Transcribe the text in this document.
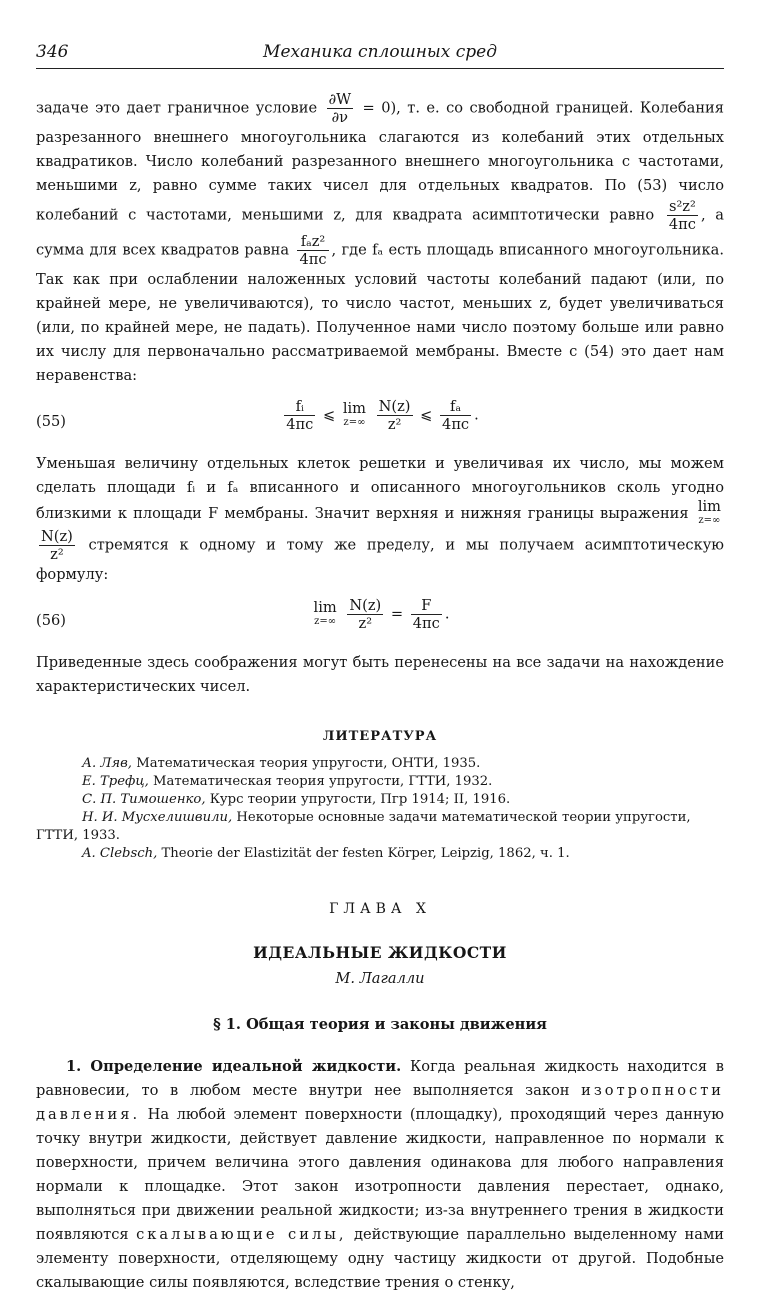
346	Механика сплошных сред

задаче это дает граничное условие $\frac{\partial W}{\partial\nu} = 0$), т. е. со свободной границей. Колебания разрезанного внешнего многоугольника слагаются из колебаний этих отдельных квадратиков. Число колебаний разрезанного внешнего многоугольника с частотами, меньшими z, равно сумме таких чисел для отдельных квадратов. По (53) число колебаний с частотами, меньшими z, для квадрата асимптотически равно $\frac{\text{s²z²}}{4\pi c}$ , а сумма для всех квадратов равна $\frac{\text{fₐz²}}{4\pi c}$ , где fₐ есть площадь вписанного многоугольника. Так как при ослаблении наложенных условий частоты колебаний падают (или, по крайней мере, не увеличиваются), то число частот, меньших z, будет увеличиваться (или, по крайней мере, не падать). Полученное нами число поэтому больше или равно их числу для первоначально рассматриваемой мембраны. Вместе с (54) это дает нам неравенства:

(55)	$\frac{\text{fᵢ}}{4\pi c}$ ⩽ lim
z=∞
$\frac{N(z)}{\text{z²}}$ ⩽ $\frac{\text{fₐ}}{4\pi c}$ .

Уменьшая величину отдельных клеток решетки и увеличивая их число, мы можем сделать площади fᵢ и fₐ вписанного и описанного многоугольников сколь угодно близкими к площади F мембраны. Значит верхняя и нижняя границы выражения lim
z=∞
$\frac{N(z)}{\text{z²}}$ стремятся к одному и тому же пределу, и мы получаем асимптотическую формулу:

(56)
lim
z=∞
$\frac{N(z)}{\text{z²}} = \frac{F}{4\pi c}$ .

Приведенные здесь соображения могут быть перенесены на все задачи на нахождение характеристических чисел.

ЛИТЕРАТУРА

А. Ляв, Математическая теория упругости, ОНТИ, 1935.

Е. Трефц, Математическая теория упругости, ГТТИ, 1932.

С. П. Тимошенко, Курс теории упругости, Пгр 1914; II, 1916.

Н. И. Мусхелишвили, Некоторые основные задачи математической теории упругости, ГТТИ, 1933.

A. Clebsch, Theorie der Elastizität der festen Körper, Leipzig, 1862, ч. 1.

ГЛАВА X
ИДЕАЛЬНЫЕ ЖИДКОСТИ
М. Лагалли
§ 1. Общая теория и законы движения

1. Определение идеальной жидкости. Когда реальная жидкость находится в равновесии, то в любом месте внутри нее выполняется закон изотропности давления. На любой элемент поверхности (площадку), проходящий через данную точку внутри жидкости, действует давление жидкости, направленное по нормали к поверхности, причем величина этого давления одинакова для любого направления нормали к площадке. Этот закон изотропности давления перестает, однако, выполняться при движении реальной жидкости; из-за внутреннего трения в жидкости появляются скалывающие силы, действующие параллельно выделенному нами элементу поверхности, отделяющему одну частицу жидкости от другой. Подобные скалывающие силы появляются, вследствие трения о стенку,
